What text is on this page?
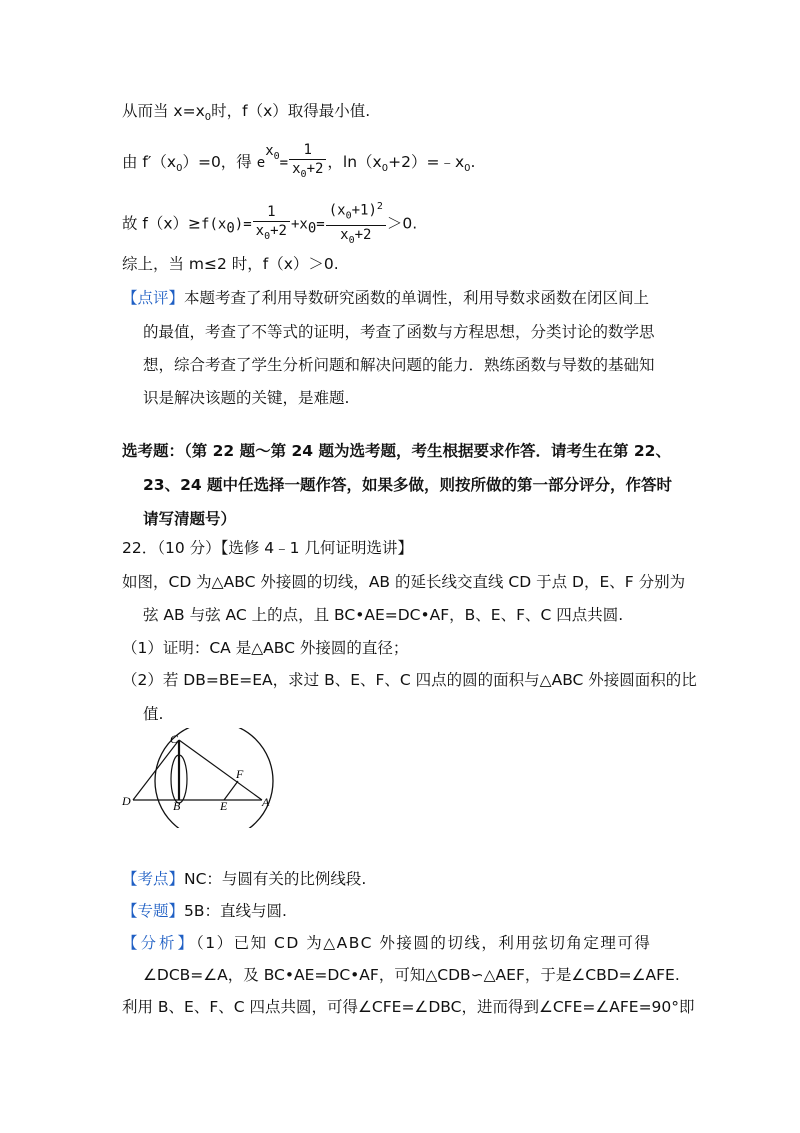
从而当 $x=x_0$时，f（x）取得最小值.
由 $f'(x_0)=0$，得 $e^{x_0}= \frac{1}{x_0+2}$ ，$\ln(x_0+2)=﹣x_0$.
故 $f(x)\ge f(x_0)= \frac{1}{x_0+2} +x_0= \frac{(x_0+1)^2}{x_0+2} >0$.
综上，当 m≤2 时，f（x）＞0.
【点评】本题考查了利用导数研究函数的单调性，利用导数求函数在闭区间上
的最值，考查了不等式的证明，考查了函数与方程思想，分类讨论的数学思
想，综合考查了学生分析问题和解决问题的能力．熟练函数与导数的基础知
识是解决该题的关键，是难题.
选考题：（第 22 题～第 24 题为选考题，考生根据要求作答．请考生在第 22、
23、24 题中任选择一题作答，如果多做，则按所做的第一部分评分，作答时
请写清题号）
22．（10 分）【选修 4﹣1 几何证明选讲】
如图，CD 为△ABC 外接圆的切线，AB 的延长线交直线 CD 于点 D，E、F 分别为
弦 AB 与弦 AC 上的点，且 BC•AE=DC•AF，B、E、F、C 四点共圆.
（1）证明：CA 是△ABC 外接圆的直径；
（2）若 DB=BE=EA，求过 B、E、F、C 四点的圆的面积与△ABC 外接圆面积的比
值.
C
D	B	E
F
A
【考点】NC：与圆有关的比例线段.
【专题】5B：直线与圆.
【分析】（1）已知 CD 为△ABC 外接圆的切线，利用弦切角定理可得
∠DCB=∠A，及 BC•AE=DC•AF，可知△CDB∽△AEF，于是∠CBD=∠AFE.
利用 B、E、F、C 四点共圆，可得∠CFE=∠DBC，进而得到∠CFE=∠AFE=90°即
